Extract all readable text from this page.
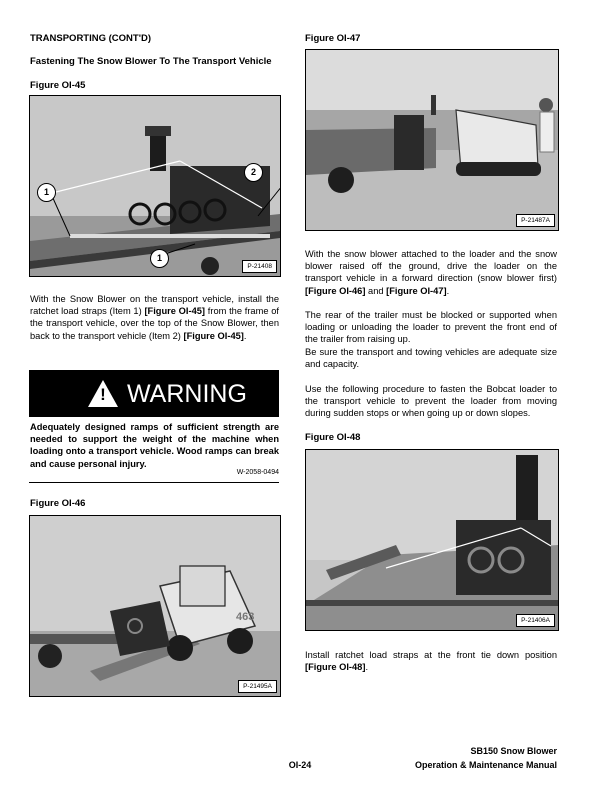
TRANSPORTING (CONT'D)
Fastening The Snow Blower To The Transport Vehicle
Figure OI-45
1
2
1
P-21408
With the Snow Blower on the transport vehicle, install the ratchet load straps (Item 1) [Figure OI-45] from the frame of the transport vehicle, over the top of the Snow Blower, then back to the transport vehicle (Item 2) [Figure OI-45].
! WARNING
Adequately designed ramps of sufficient strength are needed to support the weight of the machine when loading onto a transport vehicle. Wood ramps can break and cause personal injury.
W-2058-0494
Figure OI-46
463
P-21495A
Figure OI-47
P-21487A
With the snow blower attached to the loader and the snow blower raised off the ground, drive the loader on the transport vehicle in a forward direction (snow blower first) [Figure OI-46] and [Figure OI-47].
The rear of the trailer must be blocked or supported when loading or unloading the loader to prevent the front end of the trailer from raising up.
Be sure the transport and towing vehicles are adequate size and capacity.
Use the following procedure to fasten the Bobcat loader to the transport vehicle to prevent the loader from moving during sudden stops or when going up or down slopes.
Figure OI-48
P-21406A
Install ratchet load straps at the front tie down position [Figure OI-48].
OI-24
SB150 Snow Blower
Operation & Maintenance Manual
